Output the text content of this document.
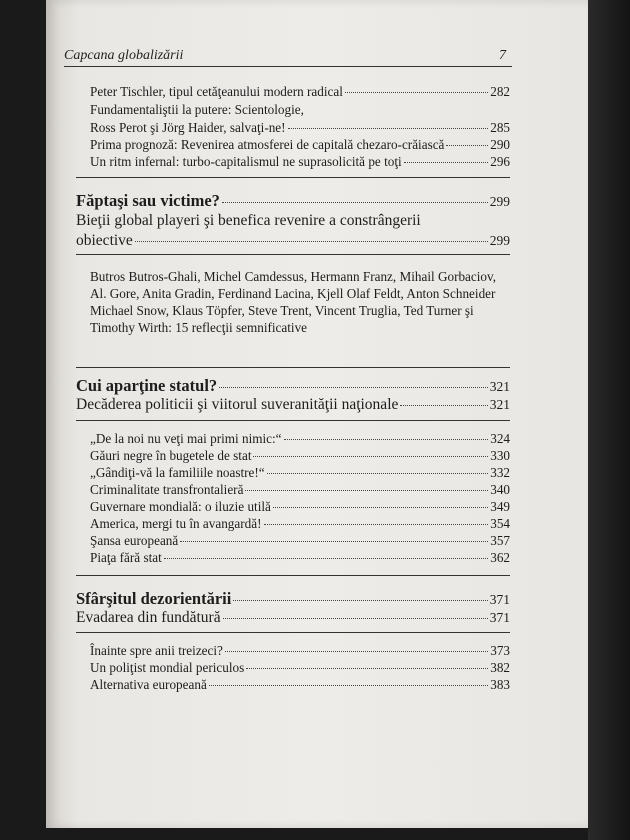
Capcana globalizării	7
Peter Tischler, tipul cetăţeanului modern radical	282
Fundamentaliştii la putere: Scientologie,
Ross Perot şi Jörg Haider, salvaţi-ne!	285
Prima prognoză: Revenirea atmosferei de capitală chezaro-crăiască	290
Un ritm infernal: turbo-capitalismul ne suprasolicită pe toţi	296
Făptaşi sau victime?	299
Bieţii global playeri şi benefica revenire a constrângerii
obiective	299
Butros Butros-Ghali, Michel Camdessus, Hermann Franz, Mihail Gorbaciov, Al. Gore, Anita Gradin, Ferdinand Lacina, Kjell Olaf Feldt, Anton Schneider Michael Snow, Klaus Töpfer, Steve Trent, Vincent Truglia, Ted Turner şi Timothy Wirth: 15 reflecţii semnificative
Cui aparţine statul?	321
Decăderea politicii şi viitorul suveranităţii naţionale	321
„De la noi nu veţi mai primi nimic:“	324
Găuri negre în bugetele de stat	330
„Gândiţi-vă la familiile noastre!“	332
Criminalitate transfrontalieră	340
Guvernare mondială: o iluzie utilă	349
America, mergi tu în avangardă!	354
Şansa europeană	357
Piaţa fără stat	362
Sfârşitul dezorientării	371
Evadarea din fundătură	371
Înainte spre anii treizeci?	373
Un poliţist mondial periculos	382
Alternativa europeană	383
